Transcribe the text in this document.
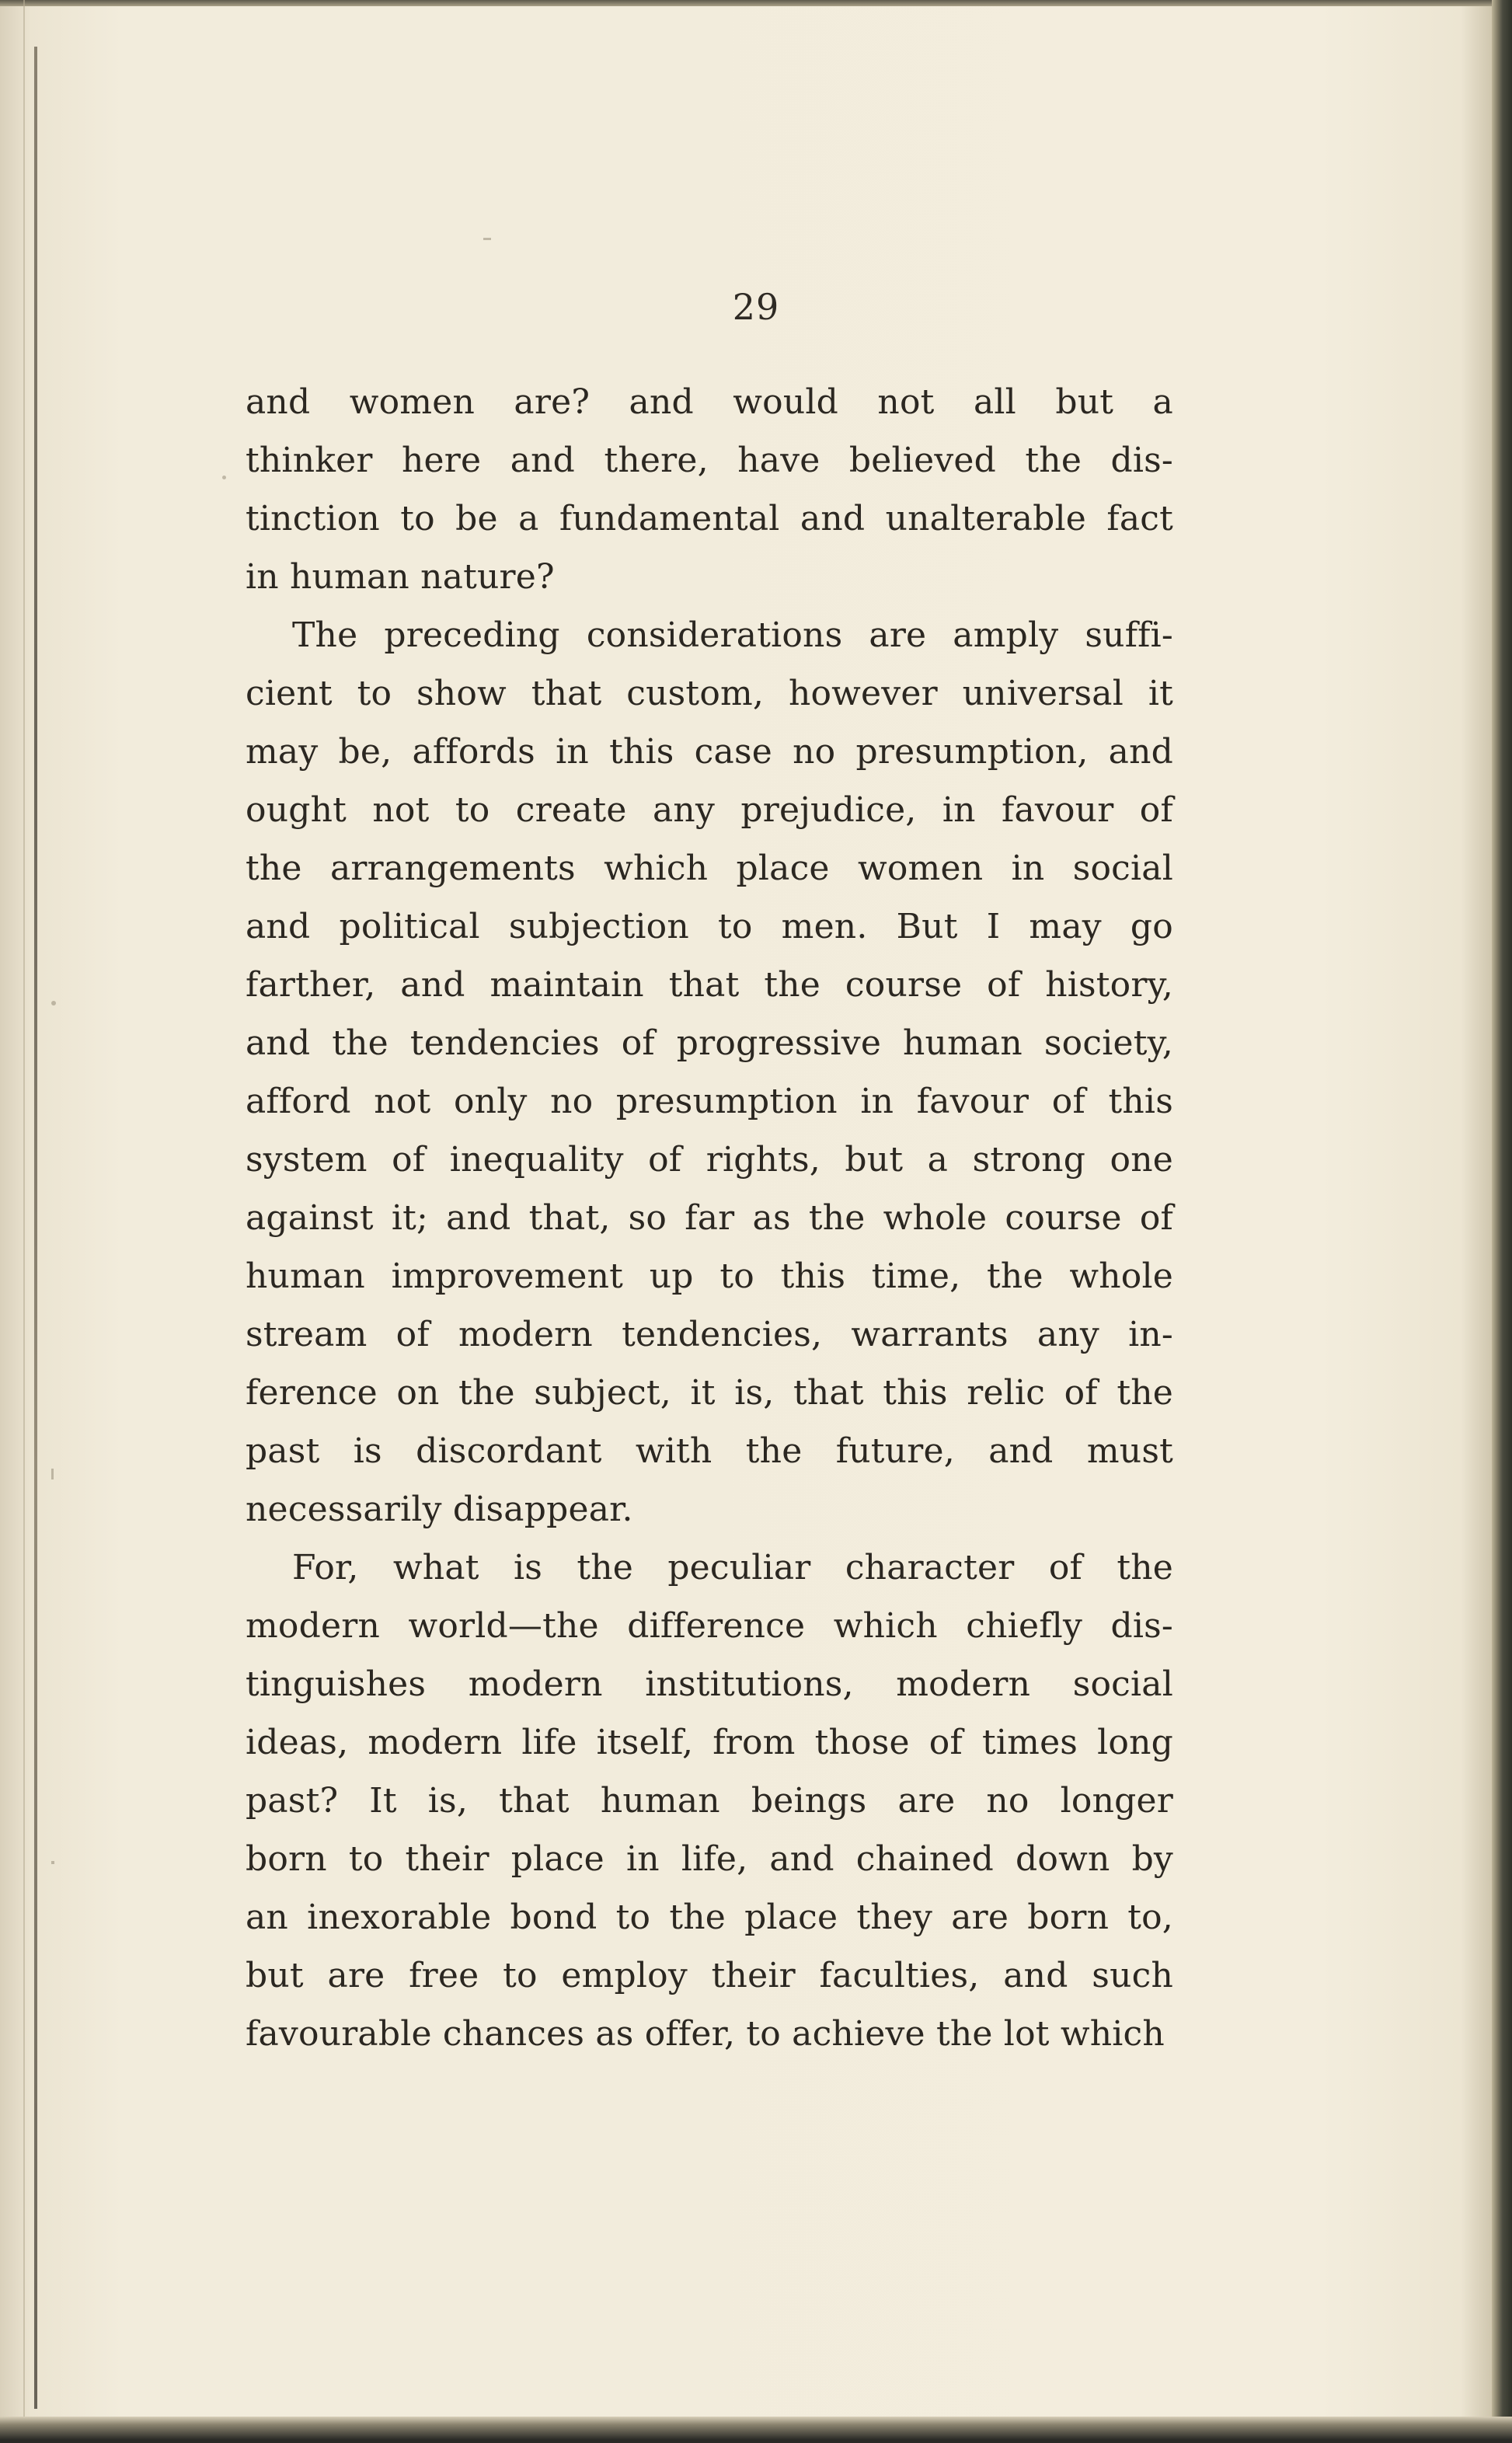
29
and women are? and would not all but a
thinker here and there, have believed the dis-
tinction to be a fundamental and unalterable fact
in human nature?
The preceding considerations are amply suffi-
cient to show that custom, however universal it
may be, affords in this case no presumption, and
ought not to create any prejudice, in favour of
the arrangements which place women in social
and political subjection to men. But I may go
farther, and maintain that the course of history,
and the tendencies of progressive human society,
afford not only no presumption in favour of this
system of inequality of rights, but a strong one
against it; and that, so far as the whole course of
human improvement up to this time, the whole
stream of modern tendencies, warrants any in-
ference on the subject, it is, that this relic of the
past is discordant with the future, and must
necessarily disappear.
For, what is the peculiar character of the
modern world—the difference which chiefly dis-
tinguishes modern institutions, modern social
ideas, modern life itself, from those of times long
past? It is, that human beings are no longer
born to their place in life, and chained down by
an inexorable bond to the place they are born to,
but are free to employ their faculties, and such
favourable chances as offer, to achieve the lot which
